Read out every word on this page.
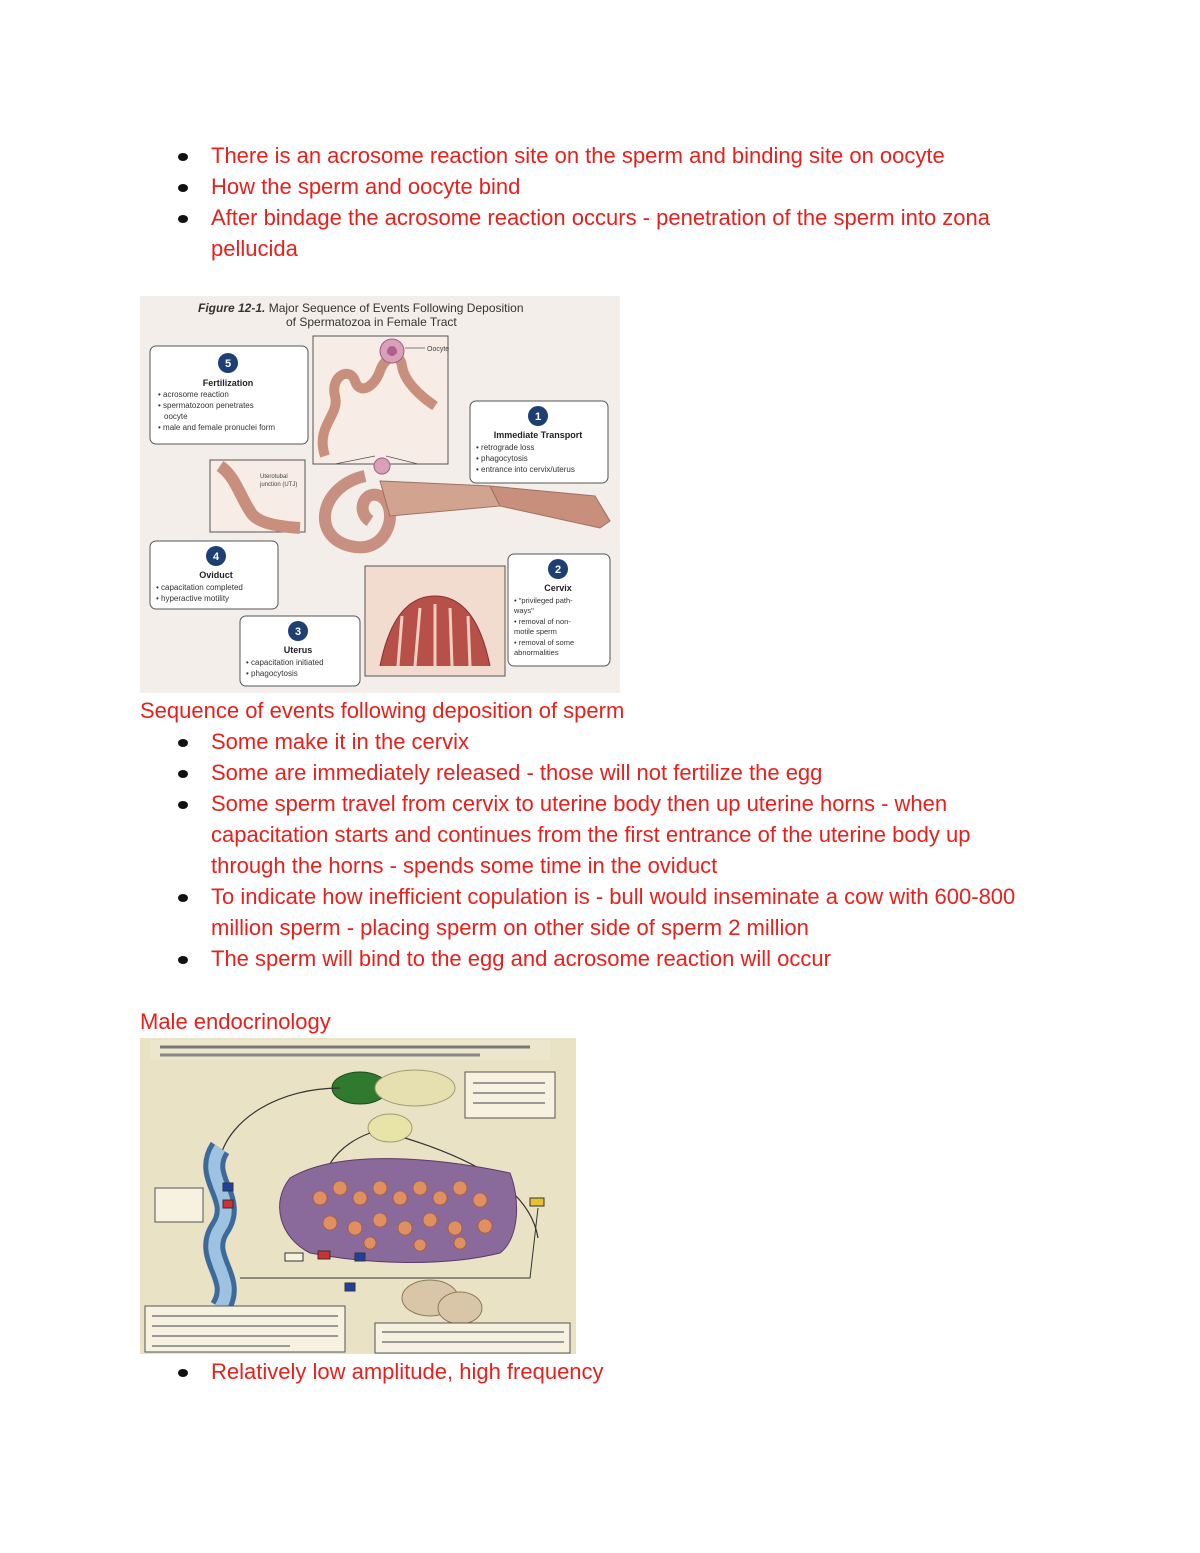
There is an acrosome reaction site on the sperm and binding site on oocyte
How the sperm and oocyte bind
After bindage the acrosome reaction occurs - penetration of the sperm into zona pellucida
Figure 12-1. Major Sequence of Events Following Deposition
of Spermatozoa in Female Tract
Oocyte
5
Fertilization
• acrosome reaction
• spermatozoon penetrates
oocyte
• male and female pronuclei form
1
Immediate Transport
• retrograde loss
• phagocytosis
• entrance into cervix/uterus
Uterotubal
junction (UTJ)
4
Oviduct
• capacitation completed
• hyperactive motility
2
Cervix
• "privileged path-
ways"
• removal of non-
motile sperm
• removal of some
abnormalities
3
Uterus
• capacitation initiated
• phagocytosis
Sequence of events following deposition of sperm
Some make it in the cervix
Some are immediately released - those will not fertilize the egg
Some sperm travel from cervix to uterine body then up uterine horns - when capacitation starts and continues from the first entrance of the uterine body up through the horns - spends some time in the oviduct
To indicate how inefficient copulation is - bull would inseminate a cow with 600-800 million sperm - placing sperm on other side of sperm 2 million
The sperm will bind to the egg and acrosome reaction will occur
Male endocrinology
Relatively low amplitude, high frequency
